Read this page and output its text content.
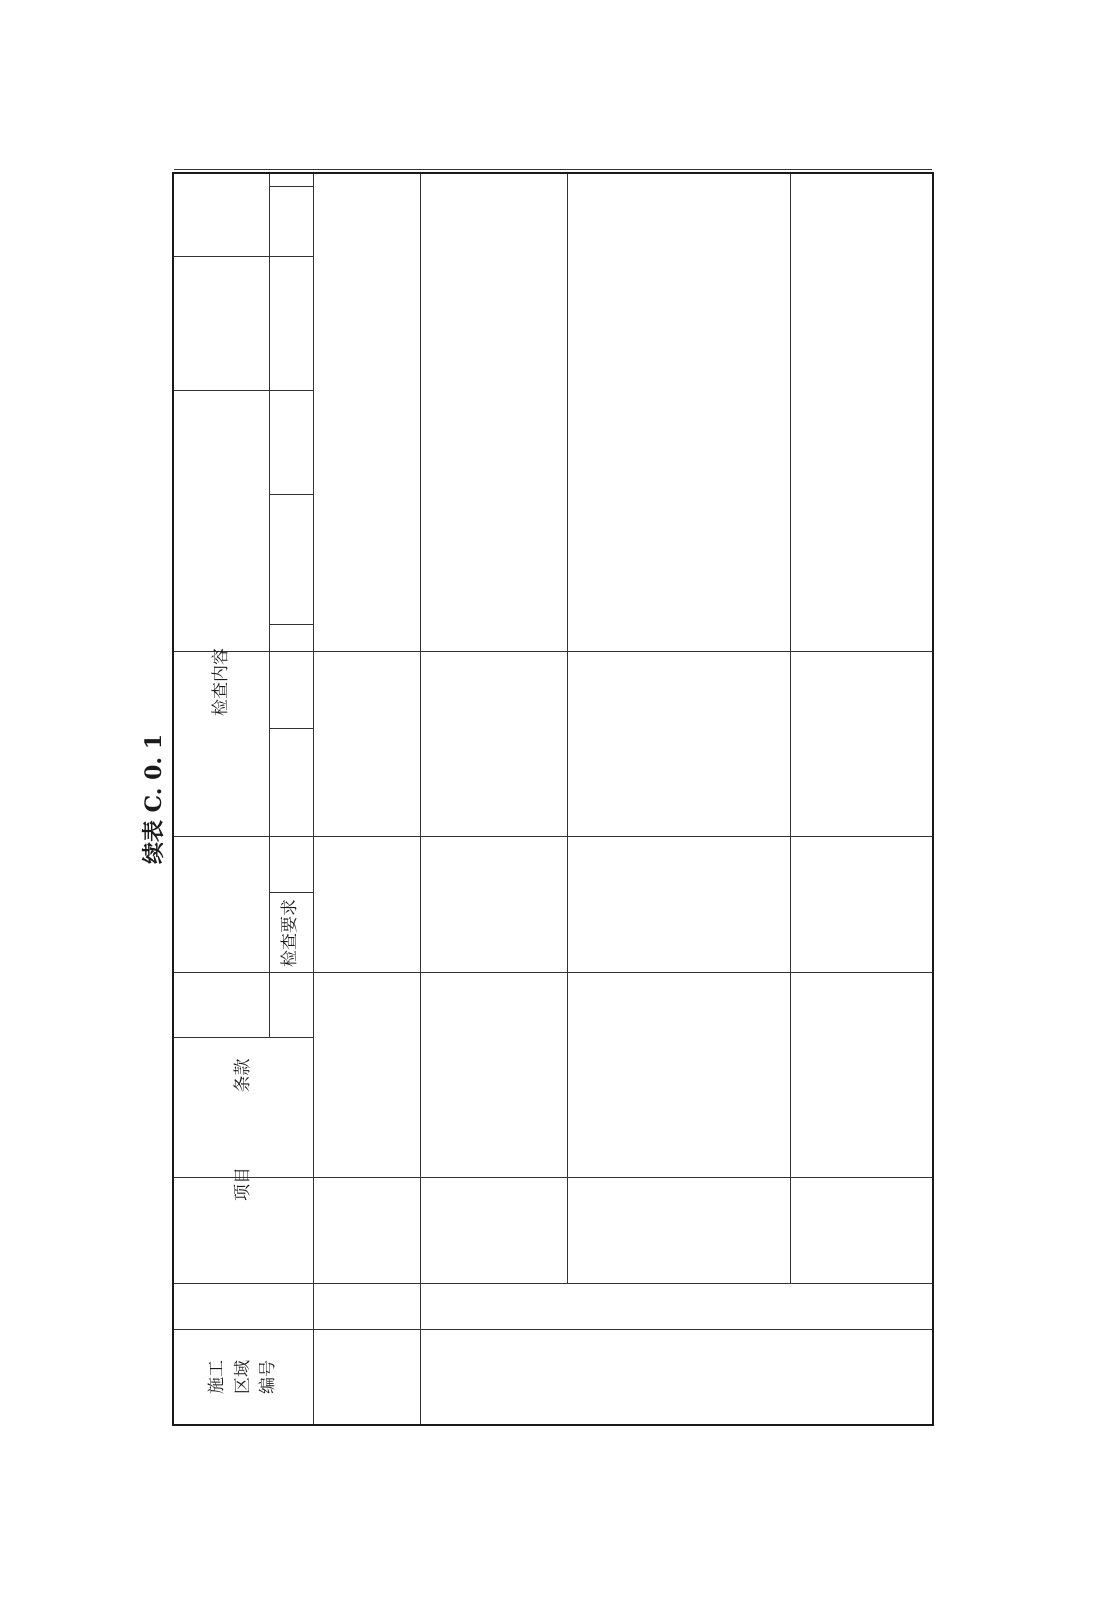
续表 C. 0. 1
施工
区域
编号
项目
条款
检查内容
检查要求
